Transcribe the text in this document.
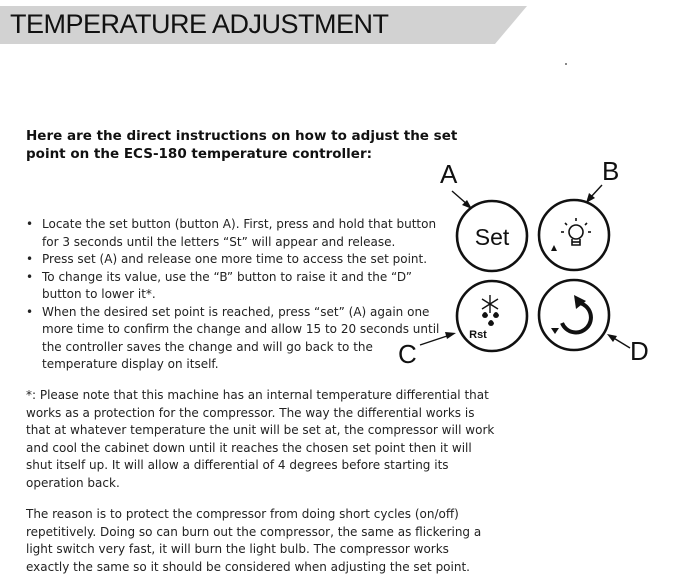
TEMPERATURE ADJUSTMENT
Here are the direct instructions on how to adjust the set point on the ECS-180 temperature controller:
• Locate the set button (button A). First, press and hold that button for 3 seconds until the letters “St” will appear and release.
• Press set (A) and release one more time to access the set point.
• To change its value, use the “B” button to raise it and the “D” button to lower it*.
• When the desired set point is reached, press “set” (A) again one more time to confirm the change and allow 15 to 20 seconds until the controller saves the change and will go back to the temperature display on itself.
*: Please note that this machine has an internal temperature differential that works as a protection for the compressor. The way the differential works is that at whatever temperature the unit will be set at, the compressor will work and cool the cabinet down until it reaches the chosen set point then it will shut itself up. It will allow a differential of 4 degrees before starting its operation back.
The reason is to protect the compressor from doing short cycles (on/off) repetitively. Doing so can burn out the compressor, the same as flickering a light switch very fast, it will burn the light bulb. The compressor works exactly the same so it should be considered when adjusting the set point.
A	B
C	D
Set
Rst
